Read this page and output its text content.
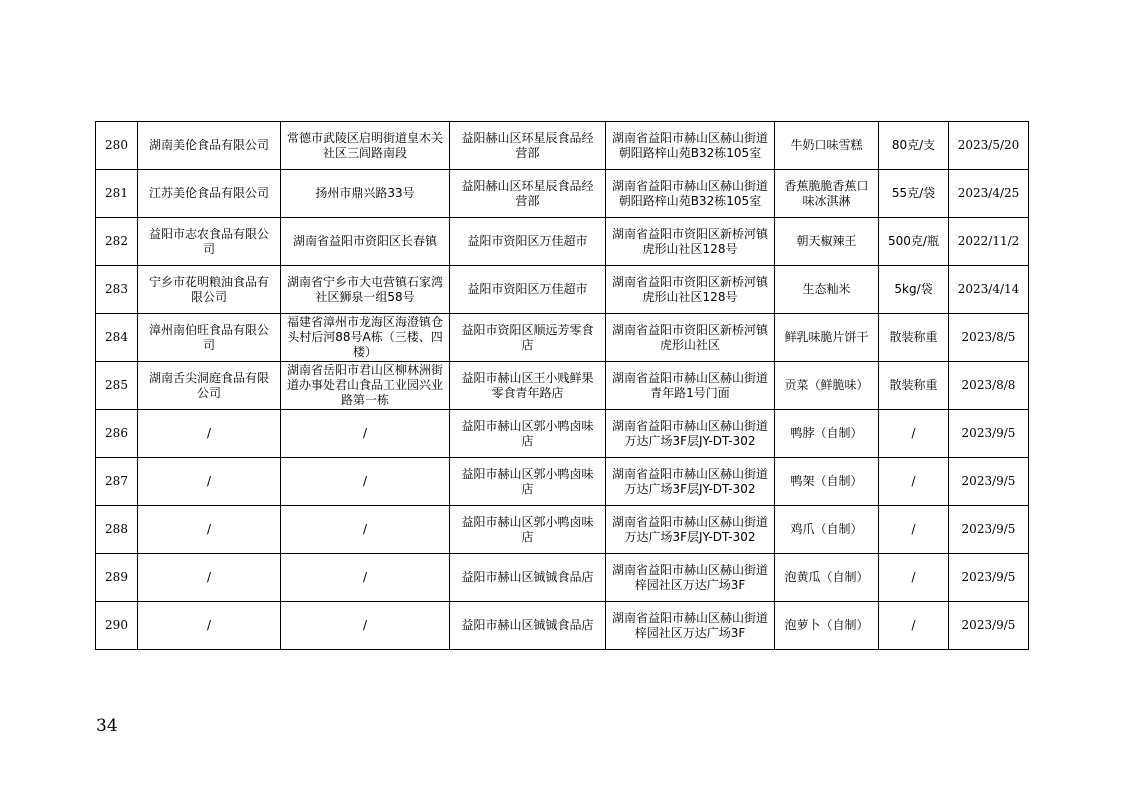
280	湖南美伦食品有限公司	常德市武陵区启明街道皇木关社区三闾路南段	益阳赫山区环星辰食品经营部	湖南省益阳市赫山区赫山街道朝阳路梓山苑B32栋105室	牛奶口味雪糕	80克/支	2023/5/20
281	江苏美伦食品有限公司	扬州市鼎兴路33号	益阳赫山区环星辰食品经营部	湖南省益阳市赫山区赫山街道朝阳路梓山苑B32栋105室	香蕉脆脆香蕉口味冰淇淋	55克/袋	2023/4/25
282	益阳市志农食品有限公司	湖南省益阳市资阳区长春镇	益阳市资阳区万佳超市	湖南省益阳市资阳区新桥河镇虎形山社区128号	朝天椒辣王	500克/瓶	2022/11/2
283	宁乡市花明粮油食品有限公司	湖南省宁乡市大屯营镇石家湾社区狮泉一组58号	益阳市资阳区万佳超市	湖南省益阳市资阳区新桥河镇虎形山社区128号	生态籼米	5kg/袋	2023/4/14
284	漳州南伯旺食品有限公司	福建省漳州市龙海区海澄镇仓头村后河88号A栋（三楼、四楼）	益阳市资阳区顺远芳零食店	湖南省益阳市资阳区新桥河镇虎形山社区	鲜乳味脆片饼干	散装称重	2023/8/5
285	湖南舌尖洞庭食品有限公司	湖南省岳阳市君山区柳林洲街道办事处君山食品工业园兴业路第一栋	益阳市赫山区王小贱鲜果零食青年路店	湖南省益阳市赫山区赫山街道青年路1号门面	贡菜（鲜脆味）	散装称重	2023/8/8
286	/	/	益阳市赫山区郭小鸭卤味店	湖南省益阳市赫山区赫山街道万达广场3F层JY-DT-302	鸭脖（自制）	/	2023/9/5
287	/	/	益阳市赫山区郭小鸭卤味店	湖南省益阳市赫山区赫山街道万达广场3F层JY-DT-302	鸭架（自制）	/	2023/9/5
288	/	/	益阳市赫山区郭小鸭卤味店	湖南省益阳市赫山区赫山街道万达广场3F层JY-DT-302	鸡爪（自制）	/	2023/9/5
289	/	/	益阳市赫山区铖铖食品店	湖南省益阳市赫山区赫山街道梓园社区万达广场3F	泡黄瓜（自制）	/	2023/9/5
290	/	/	益阳市赫山区铖铖食品店	湖南省益阳市赫山区赫山街道梓园社区万达广场3F	泡萝卜（自制）	/	2023/9/5
34
